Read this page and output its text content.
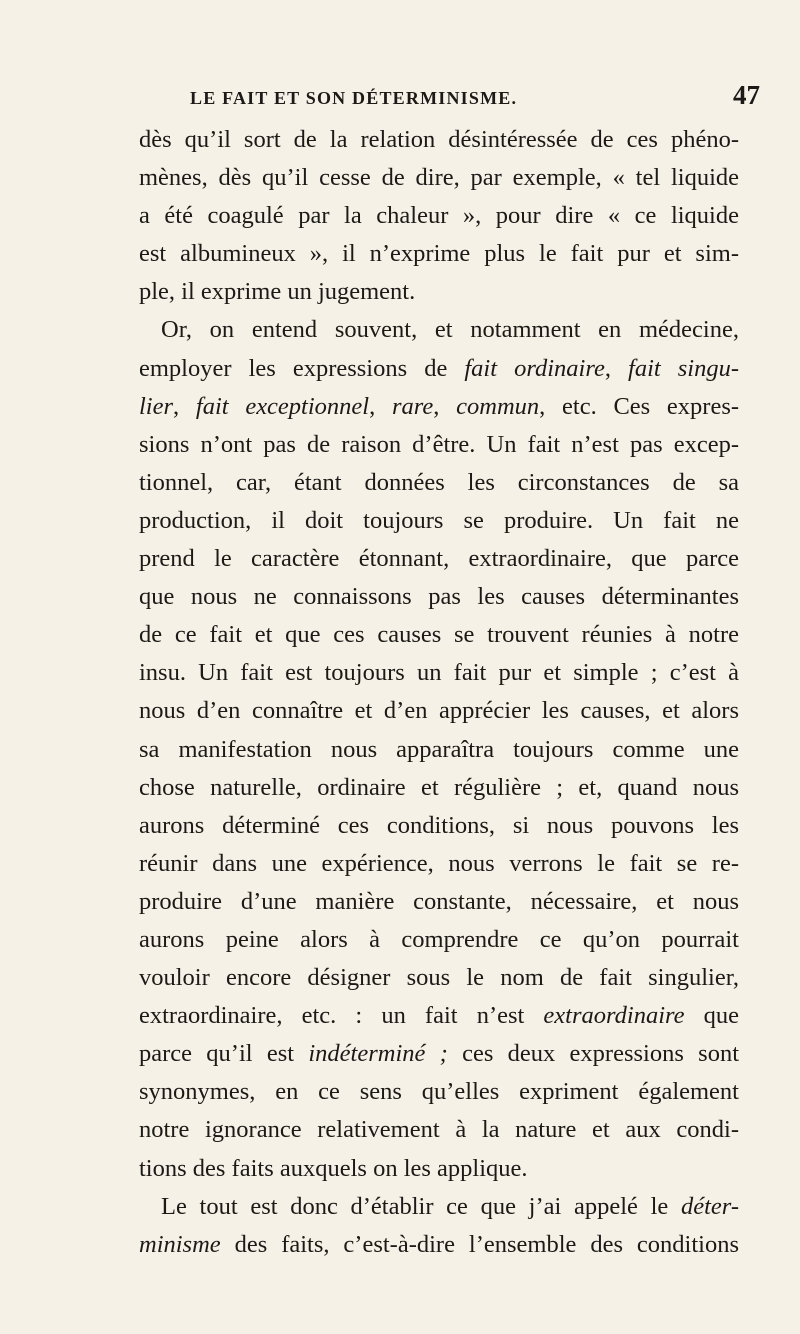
LE FAIT ET SON DÉTERMINISME.	47
dès qu’il sort de la relation désintéressée de ces phéno-
mènes, dès qu’il cesse de dire, par exemple, « tel liquide
a été coagulé par la chaleur », pour dire « ce liquide
est albumineux », il n’exprime plus le fait pur et sim-
ple, il exprime un jugement.
Or, on entend souvent, et notamment en médecine,
employer les expressions de fait ordinaire, fait singu-
lier, fait exceptionnel, rare, commun, etc. Ces expres-
sions n’ont pas de raison d’être. Un fait n’est pas excep-
tionnel, car, étant données les circonstances de sa
production, il doit toujours se produire. Un fait ne
prend le caractère étonnant, extraordinaire, que parce
que nous ne connaissons pas les causes déterminantes
de ce fait et que ces causes se trouvent réunies à notre
insu. Un fait est toujours un fait pur et simple ; c’est à
nous d’en connaître et d’en apprécier les causes, et alors
sa manifestation nous apparaîtra toujours comme une
chose naturelle, ordinaire et régulière ; et, quand nous
aurons déterminé ces conditions, si nous pouvons les
réunir dans une expérience, nous verrons le fait se re-
produire d’une manière constante, nécessaire, et nous
aurons peine alors à comprendre ce qu’on pourrait
vouloir encore désigner sous le nom de fait singulier,
extraordinaire, etc. : un fait n’est extraordinaire que
parce qu’il est indéterminé ; ces deux expressions sont
synonymes, en ce sens qu’elles expriment également
notre ignorance relativement à la nature et aux condi-
tions des faits auxquels on les applique.
Le tout est donc d’établir ce que j’ai appelé le déter-
minisme des faits, c’est-à-dire l’ensemble des conditions
